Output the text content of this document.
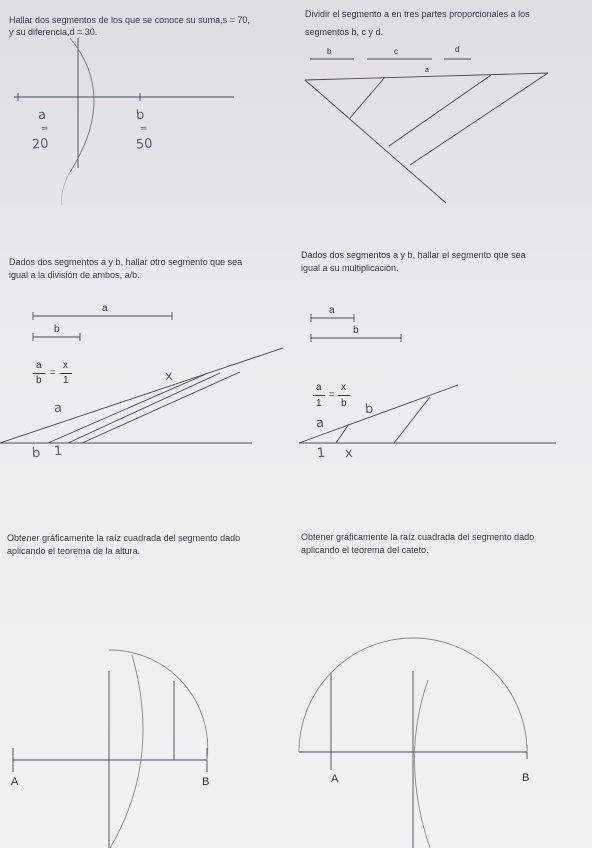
Hallar dos segmentos de los que se conoce su suma,s = 70,
y su diferencia,d = 30.
Dividir el segmento a en tres partes proporcionales a los
segmentos b, c y d.
Dados dos segmentos a y b, hallar otro segmento que sea
igual a la división de ambos, a/b.
Dados dos segmentos a y b, hallar el segmento que sea
igual a su multiplicación.
Obtener gráficamente la raíz cuadrada del segmento dado
aplicando el teorema de la altura.
Obtener gráficamente la raíz cuadrada del segmento dado
aplicando el teorema del cateto.
a
=
20
b
=
50
b	c	d
a
a
b
a
b
=
x
1	x
a
b 1
a
b
a
1
=
x
b b
a
1 x
A	B	A	B
